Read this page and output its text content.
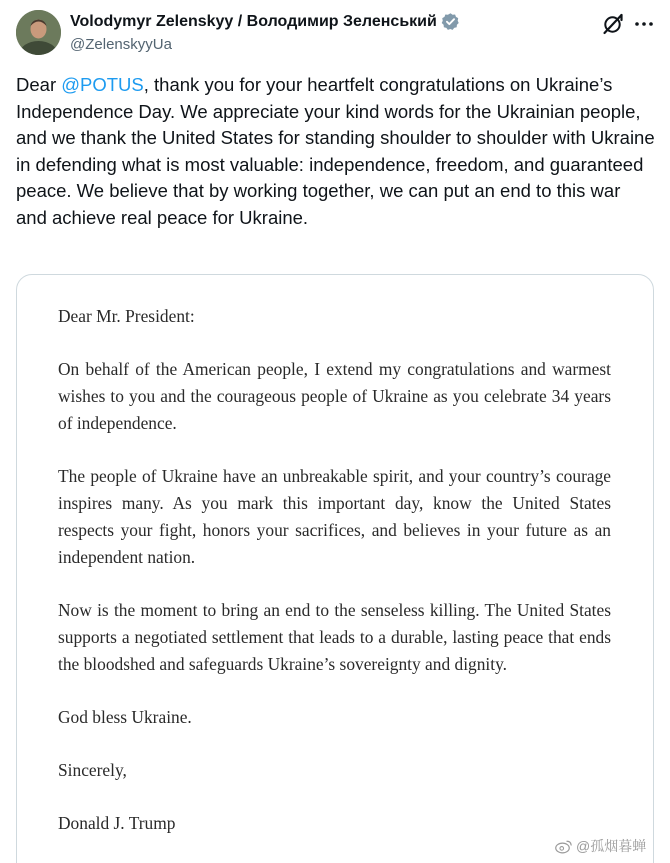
Volodymyr Zelenskyy / Володимир Зеленський
@ZelenskyyUa

Dear @POTUS, thank you for your heartfelt congratulations on Ukraine’s Independence Day. We appreciate your kind words for the Ukrainian people, and we thank the United States for standing shoulder to shoulder with Ukraine in defending what is most valuable: independence, freedom, and guaranteed peace. We believe that by working together, we can put an end to this war and achieve real peace for Ukraine.

Dear Mr. President:

On behalf of the American people, I extend my congratulations and warmest wishes to you and the courageous people of Ukraine as you celebrate 34 years of independence.

The people of Ukraine have an unbreakable spirit, and your country’s courage inspires many. As you mark this important day, know the United States respects your fight, honors your sacrifices, and believes in your future as an independent nation.

Now is the moment to bring an end to the senseless killing. The United States supports a negotiated settlement that leads to a durable, lasting peace that ends the bloodshed and safeguards Ukraine’s sovereignty and dignity.

God bless Ukraine.

Sincerely,

Donald J. Trump

@孤烟暮蝉
